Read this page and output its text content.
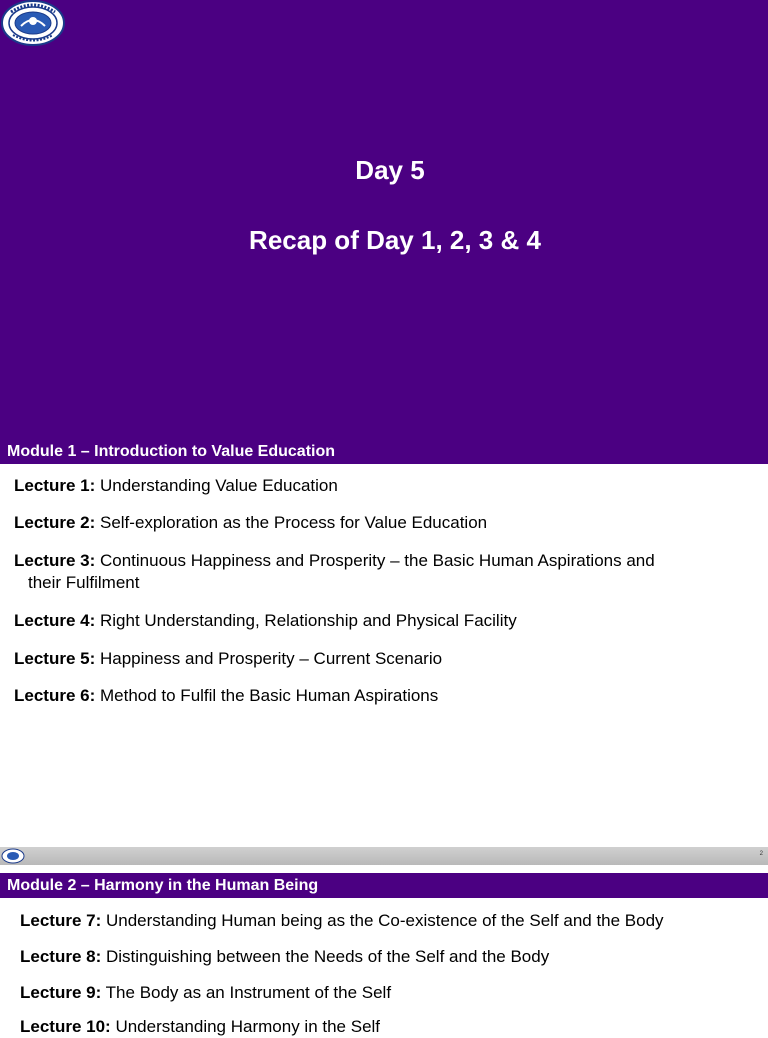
Day 5
Recap of Day 1, 2, 3 & 4
Module 1 – Introduction to Value Education
Lecture 1: Understanding Value Education
Lecture 2: Self-exploration as the Process for Value Education
Lecture 3: Continuous Happiness and Prosperity – the Basic Human Aspirations and
their Fulfilment
Lecture 4: Right Understanding, Relationship and Physical Facility
Lecture 5: Happiness and Prosperity – Current Scenario
Lecture 6: Method to Fulfil the Basic Human Aspirations
2
Module 2 – Harmony in the Human Being
Lecture 7: Understanding Human being as the Co-existence of the Self and the Body
Lecture 8: Distinguishing between the Needs of the Self and the Body
Lecture 9: The Body as an Instrument of the Self
Lecture 10: Understanding Harmony in the Self
